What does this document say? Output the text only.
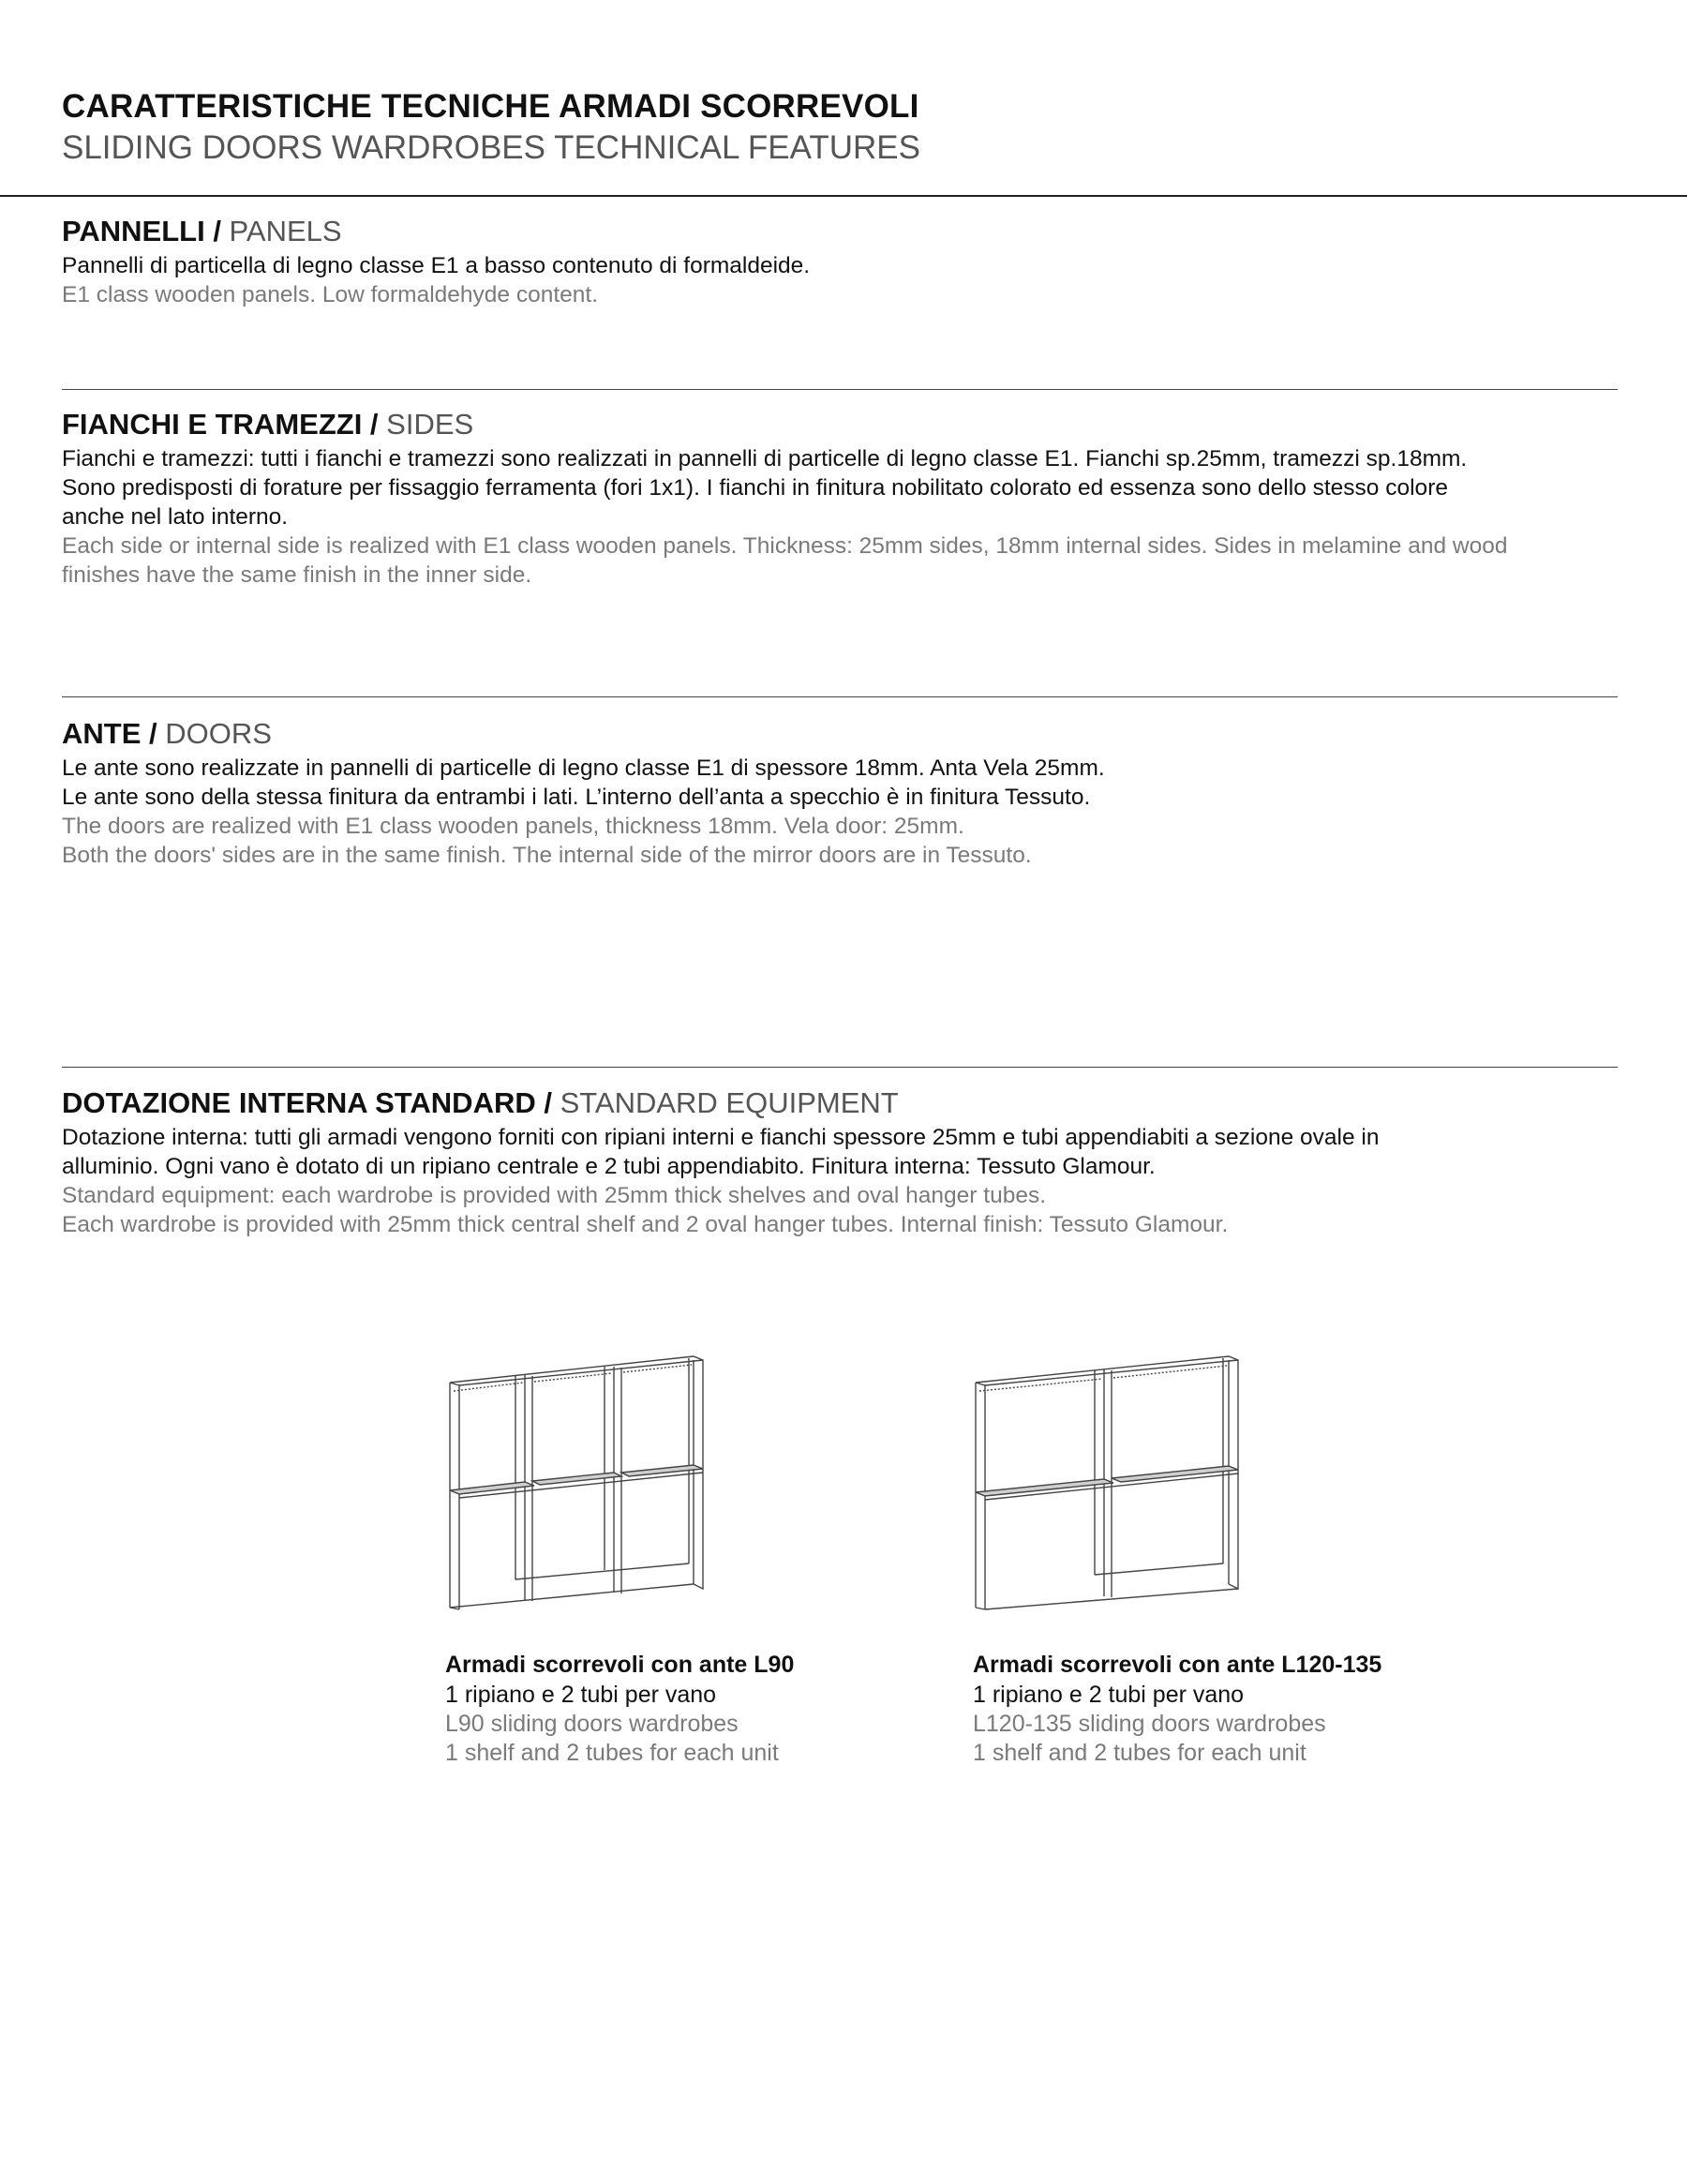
CARATTERISTICHE TECNICHE ARMADI SCORREVOLI
SLIDING DOORS WARDROBES TECHNICAL FEATURES
PANNELLI / PANELS

Pannelli di particella di legno classe E1 a basso contenuto di formaldeide.

E1 class wooden panels. Low formaldehyde content.

FIANCHI E TRAMEZZI / SIDES

Fianchi e tramezzi: tutti i fianchi e tramezzi sono realizzati in pannelli di particelle di legno classe E1. Fianchi sp.25mm, tramezzi sp.18mm.

Sono predisposti di forature per fissaggio ferramenta (fori 1x1). I fianchi in finitura nobilitato colorato ed essenza sono dello stesso colore

anche nel lato interno.

Each side or internal side is realized with E1 class wooden panels. Thickness: 25mm sides, 18mm internal sides. Sides in melamine and wood

finishes have the same finish in the inner side.

ANTE / DOORS

Le ante sono realizzate in pannelli di particelle di legno classe E1 di spessore 18mm. Anta Vela 25mm.

Le ante sono della stessa finitura da entrambi i lati. L’interno dell’anta a specchio è in finitura Tessuto.

The doors are realized with E1 class wooden panels, thickness 18mm. Vela door: 25mm.

Both the doors' sides are in the same finish. The internal side of the mirror doors are in Tessuto.

DOTAZIONE INTERNA STANDARD / STANDARD EQUIPMENT

Dotazione interna: tutti gli armadi vengono forniti con ripiani interni e fianchi spessore 25mm e tubi appendiabiti a sezione ovale in

alluminio. Ogni vano è dotato di un ripiano centrale e 2 tubi appendiabito. Finitura interna: Tessuto Glamour.

Standard equipment: each wardrobe is provided with 25mm thick shelves and oval hanger tubes.

Each wardrobe is provided with 25mm thick central shelf and 2 oval hanger tubes. Internal finish: Tessuto Glamour.

Armadi scorrevoli con ante L90

1 ripiano e 2 tubi per vano

L90 sliding doors wardrobes

1 shelf and 2 tubes for each unit

Armadi scorrevoli con ante L120-135

1 ripiano e 2 tubi per vano

L120-135 sliding doors wardrobes

1 shelf and 2 tubes for each unit
